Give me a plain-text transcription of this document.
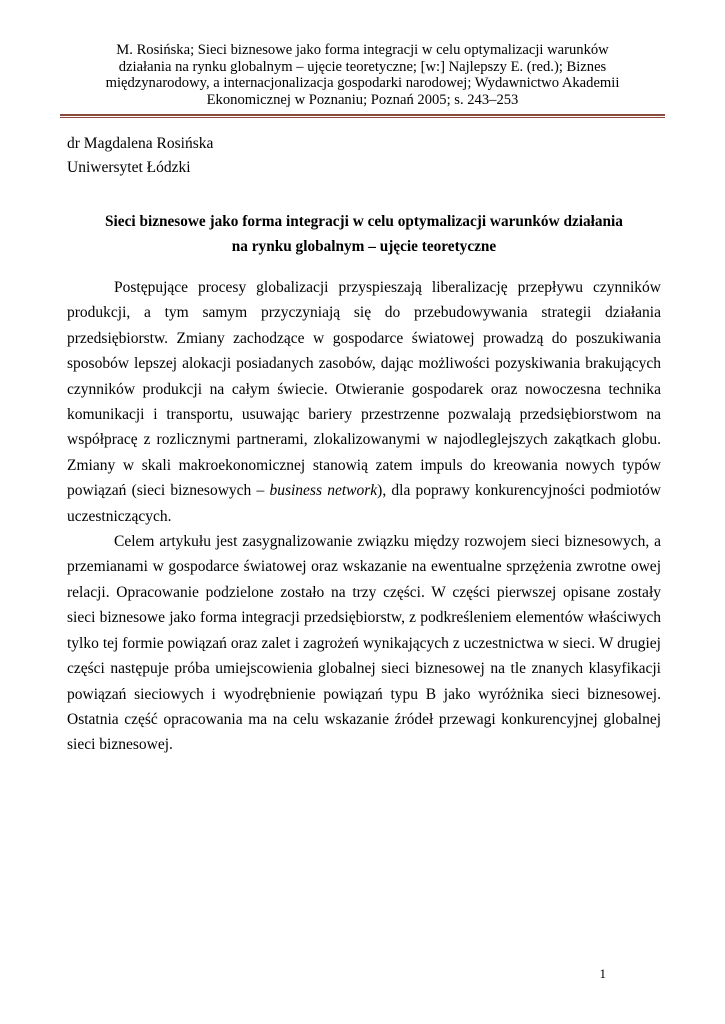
M. Rosińska; Sieci biznesowe jako forma integracji w celu optymalizacji warunków
działania na rynku globalnym – ujęcie teoretyczne; [w:] Najlepszy E. (red.); Biznes
międzynarodowy, a internacjonalizacja gospodarki narodowej; Wydawnictwo Akademii
Ekonomicznej w Poznaniu; Poznań 2005; s. 243–253
dr Magdalena Rosińska
Uniwersytet Łódzki
Sieci biznesowe jako forma integracji w celu optymalizacji warunków działania
na rynku globalnym – ujęcie teoretyczne

Postępujące procesy globalizacji przyspieszają liberalizację przepływu czynników produkcji, a tym samym przyczyniają się do przebudowywania strategii działania przedsiębiorstw. Zmiany zachodzące w gospodarce światowej prowadzą do poszukiwania sposobów lepszej alokacji posiadanych zasobów, dając możliwości pozyskiwania brakujących czynników produkcji na całym świecie. Otwieranie gospodarek oraz nowoczesna technika komunikacji i transportu, usuwając bariery przestrzenne pozwalają przedsiębiorstwom na współpracę z rozlicznymi partnerami, zlokalizowanymi w najodleglejszych zakątkach globu. Zmiany w skali makroekonomicznej stanowią zatem impuls do kreowania nowych typów powiązań (sieci biznesowych – business network), dla poprawy konkurencyjności podmiotów uczestniczących.

Celem artykułu jest zasygnalizowanie związku między rozwojem sieci biznesowych, a przemianami w gospodarce światowej oraz wskazanie na ewentualne sprzężenia zwrotne owej relacji. Opracowanie podzielone zostało na trzy części. W części pierwszej opisane zostały sieci biznesowe jako forma integracji przedsiębiorstw, z podkreśleniem elementów właściwych tylko tej formie powiązań oraz zalet i zagrożeń wynikających z uczestnictwa w sieci. W drugiej części następuje próba umiejscowienia globalnej sieci biznesowej na tle znanych klasyfikacji powiązań sieciowych i wyodrębnienie powiązań typu B jako wyróżnika sieci biznesowej. Ostatnia część opracowania ma na celu wskazanie źródeł przewagi konkurencyjnej globalnej sieci biznesowej.

1
